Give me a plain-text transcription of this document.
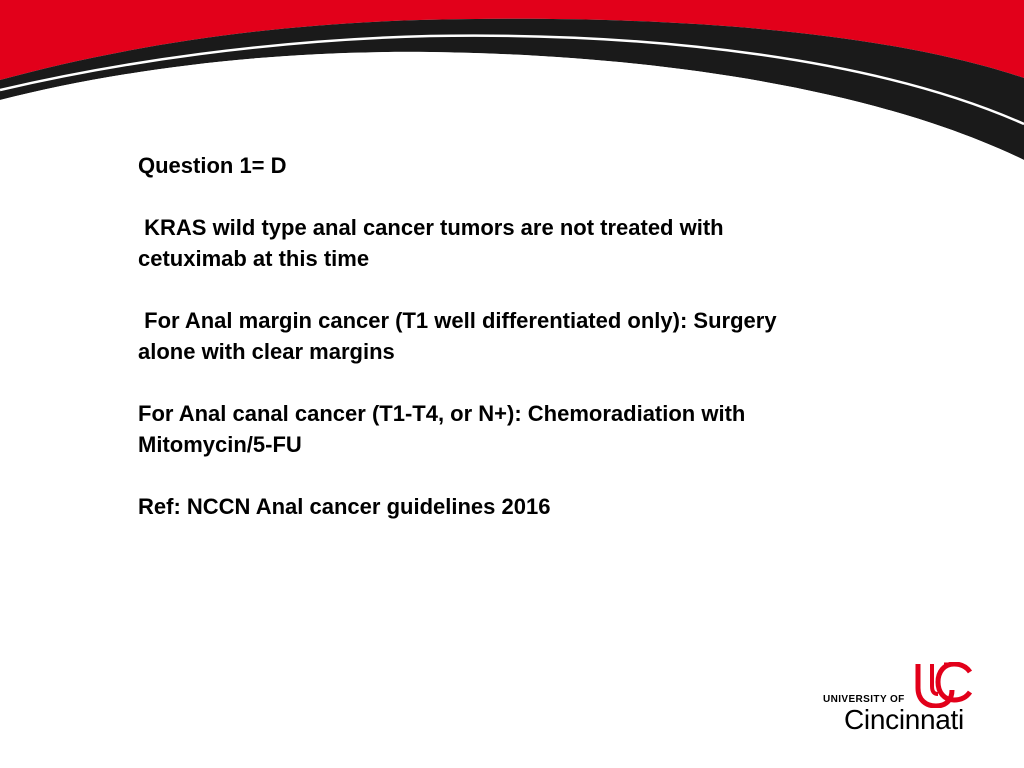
Question 1= D

KRAS wild type anal cancer tumors are not treated with
cetuximab at this time

For Anal margin cancer (T1 well differentiated only): Surgery
alone with clear margins

For Anal canal cancer (T1-T4, or N+): Chemoradiation with
Mitomycin/5-FU

Ref: NCCN Anal cancer guidelines 2016

UNIVERSITY OF
Cincinnati
